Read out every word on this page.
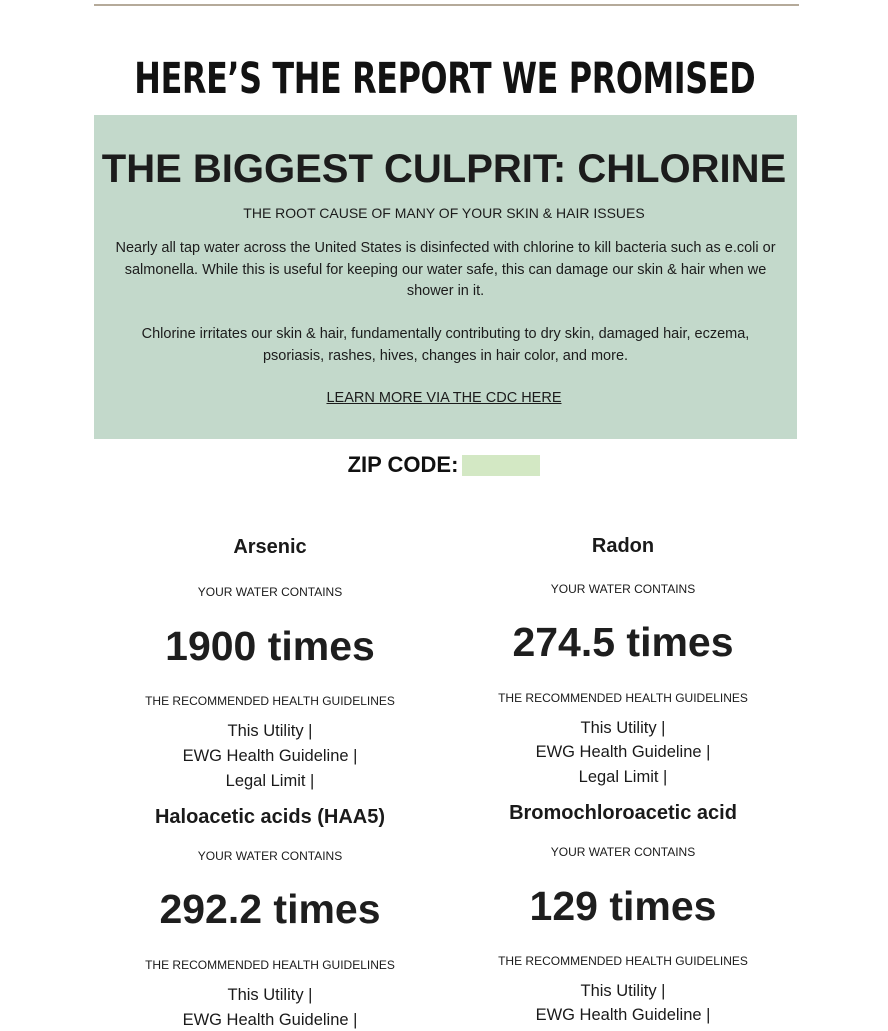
HERE’S THE REPORT WE PROMISED
THE BIGGEST CULPRIT: CHLORINE
THE ROOT CAUSE OF MANY OF YOUR SKIN & HAIR ISSUES
Nearly all tap water across the United States is disinfected with chlorine to kill bacteria such as e.coli or salmonella. While this is useful for keeping our water safe, this can damage our skin & hair when we shower in it.
Chlorine irritates our skin & hair, fundamentally contributing to dry skin, damaged hair, eczema, psoriasis, rashes, hives, changes in hair color, and more.
LEARN MORE VIA THE CDC HERE
ZIP CODE:
Arsenic
YOUR WATER CONTAINS
1900 times
THE RECOMMENDED HEALTH GUIDELINES
This Utility |
EWG Health Guideline |
Legal Limit |
Radon
YOUR WATER CONTAINS
274.5 times
THE RECOMMENDED HEALTH GUIDELINES
This Utility |
EWG Health Guideline |
Legal Limit |
Haloacetic acids (HAA5)
YOUR WATER CONTAINS
292.2 times
THE RECOMMENDED HEALTH GUIDELINES
This Utility |
EWG Health Guideline |
Bromochloroacetic acid
YOUR WATER CONTAINS
129 times
THE RECOMMENDED HEALTH GUIDELINES
This Utility |
EWG Health Guideline |
